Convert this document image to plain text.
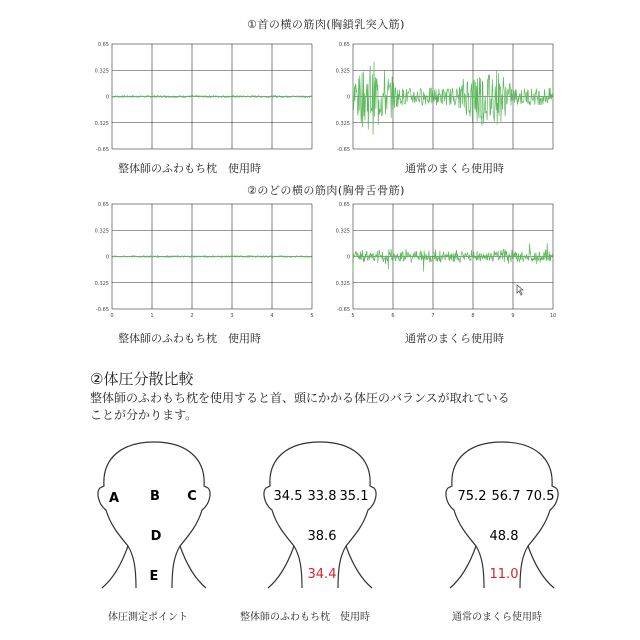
①首の横の筋肉(胸鎖乳突入筋)
0.65
0.325
0
0.325
-0.65
0.65
0.325
0
0.325
-0.65
整体師のふわもち枕　使用時	通常のまくら使用時
②のどの横の筋肉(胸骨舌骨筋)
0.65
0.325
0
0.325
-0.65
0	1	2	3	4	5
0.65
0.325
0
0.325
-0.65
5	6	7	8	9	10
整体師のふわもち枕　使用時	通常のまくら使用時
②体圧分散比較
整体師のふわもち枕を使用すると首、頭にかかる体圧のバランスが取れている
ことが分かります。
A B C
D
E
34.5 33.8 35.1
38.6
34.4
75.2 56.7 70.5
48.8
11.0
体圧測定ポイント	整体師のふわもち枕　使用時	通常のまくら使用時
